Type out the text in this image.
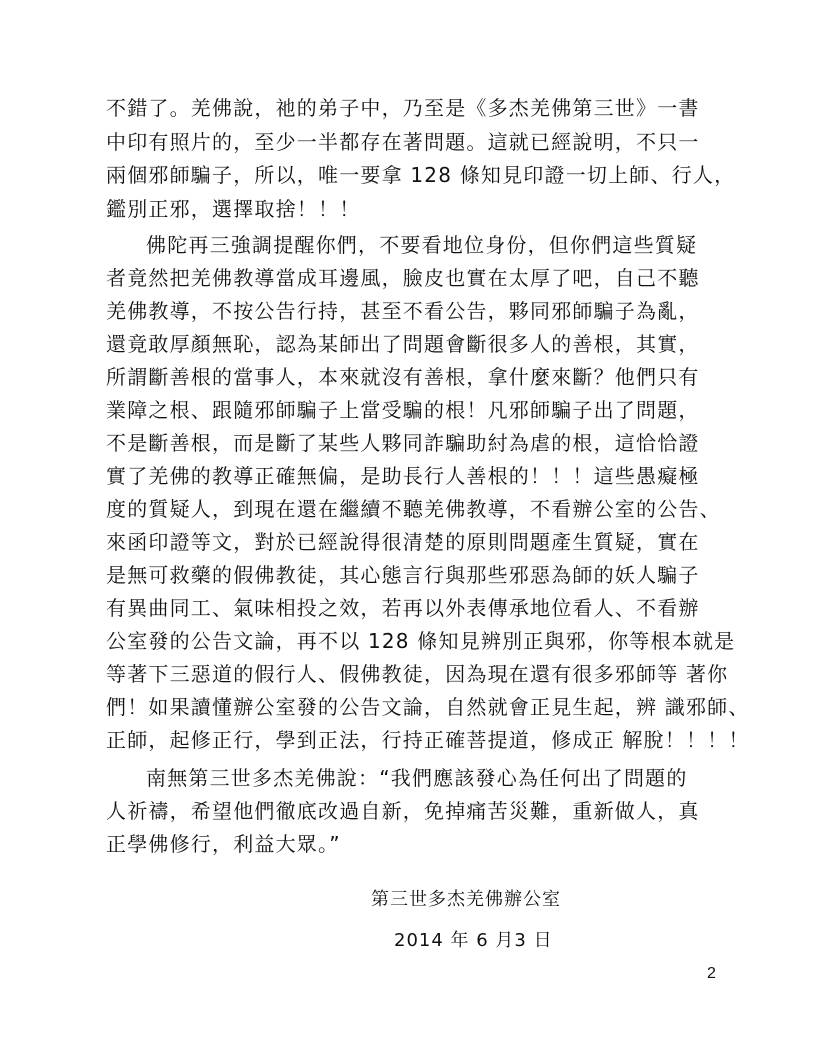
不錯了。羌佛說，祂的弟子中，乃至是《多杰羌佛第三世》一書
中印有照片的，至少一半都存在著問題。這就已經說明，不只一
兩個邪師騙子，所以，唯一要拿 128 條知見印證一切上師、行人，
鑑別正邪，選擇取捨！！！
佛陀再三強調提醒你們，不要看地位身份，但你們這些質疑
者竟然把羌佛教導當成耳邊風，臉皮也實在太厚了吧，自己不聽
羌佛教導，不按公告行持，甚至不看公告，夥同邪師騙子為亂，
還竟敢厚顏無恥，認為某師出了問題會斷很多人的善根，其實，
所謂斷善根的當事人，本來就沒有善根，拿什麼來斷？他們只有
業障之根、跟隨邪師騙子上當受騙的根！凡邪師騙子出了問題，
不是斷善根，而是斷了某些人夥同詐騙助紂為虐的根，這恰恰證
實了羌佛的教導正確無偏，是助長行人善根的！！！這些愚癡極
度的質疑人，到現在還在繼續不聽羌佛教導，不看辦公室的公告、
來函印證等文，對於已經說得很清楚的原則問題產生質疑，實在
是無可救藥的假佛教徒，其心態言行與那些邪惡為師的妖人騙子
有異曲同工、氣味相投之效，若再以外表傳承地位看人、不看辦
公室發的公告文論，再不以 128 條知見辨別正與邪，你等根本就是
等著下三惡道的假行人、假佛教徒，因為現在還有很多邪師等 著你
們！如果讀懂辦公室發的公告文論，自然就會正見生起，辨 識邪師、
正師，起修正行，學到正法，行持正確菩提道，修成正 解脫！！！！
南無第三世多杰羌佛說：“我們應該發心為任何出了問題的
人祈禱，希望他們徹底改過自新，免掉痛苦災難，重新做人，真
正學佛修行，利益大眾。”
第三世多杰羌佛辦公室
2014 年 6 月3 日
2
